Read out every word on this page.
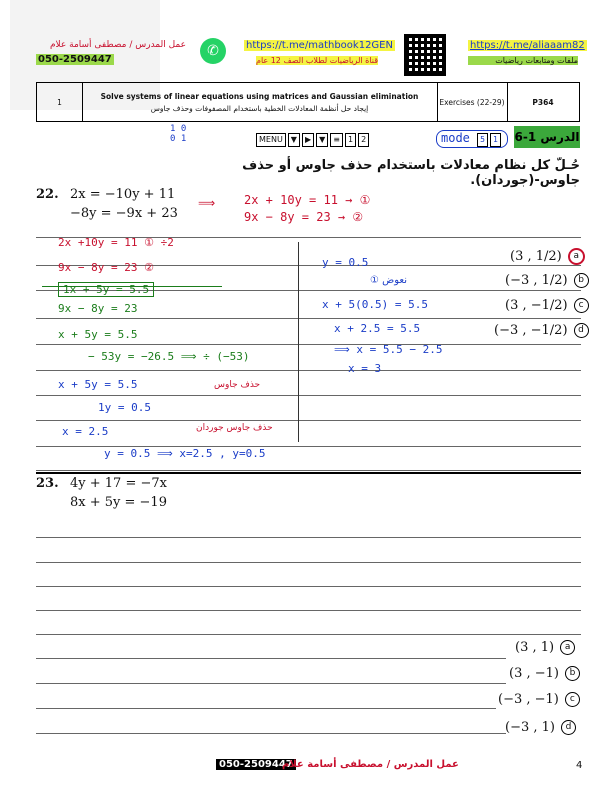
عمل المدرس / مصطفى أسامة علام
050-2509447
✆	https://t.me/mathbook12GEN
قناة الرياضيات لطلاب الصف 12 عام
https://t.me/aliaaam82
ملفات ومتابعات رياضيات
1
Solve systems of linear equations using matrices and Gaussian elimination
إيجاد حل أنظمة المعادلات الخطية باستخدام المصفوفات وحذف جاوس
Exercises (22-29)	P364
1 0
0 1	MENU	▼	▶	▼	≡	1	2	mode 5 1	الدرس 1-6
حُـلّ كل نظام معادلات باستخدام حذف جاوس أو حذف جاوس-(جوردان).
22. 2x = −10y + 11
−8y = −9x + 23
⟹ 2x + 10y = 11 → ①
9x − 8y = 23 → ②
2x +10y = 11 ① ÷2
9x − 8y = 23 ②
1x + 5y = 5.5
9x − 8y = 23
x + 5y = 5.5
− 53y = −26.5 ⟹ ÷ (−53)
x + 5y = 5.5
1y = 0.5
x = 2.5
y = 0.5 ⟹ x=2.5 , y=0.5
حذف جاوس
حذف جاوس جوردان
y = 0.5
نعوض ①
x + 5(0.5) = 5.5
x + 2.5 = 5.5
⟹ x = 5.5 − 2.5
x = 3
(3 , 1/2) a
(−3 , 1/2) b
(3 , −1/2) c
(−3 , −1/2) d
23. 4y + 17 = −7x
8x + 5y = −19
(3 , 1) a
(3 , −1) b
(−3 , −1) c
(−3 , 1) d
050-2509447
عمل المدرس / مصطفى أسامة علام	4
